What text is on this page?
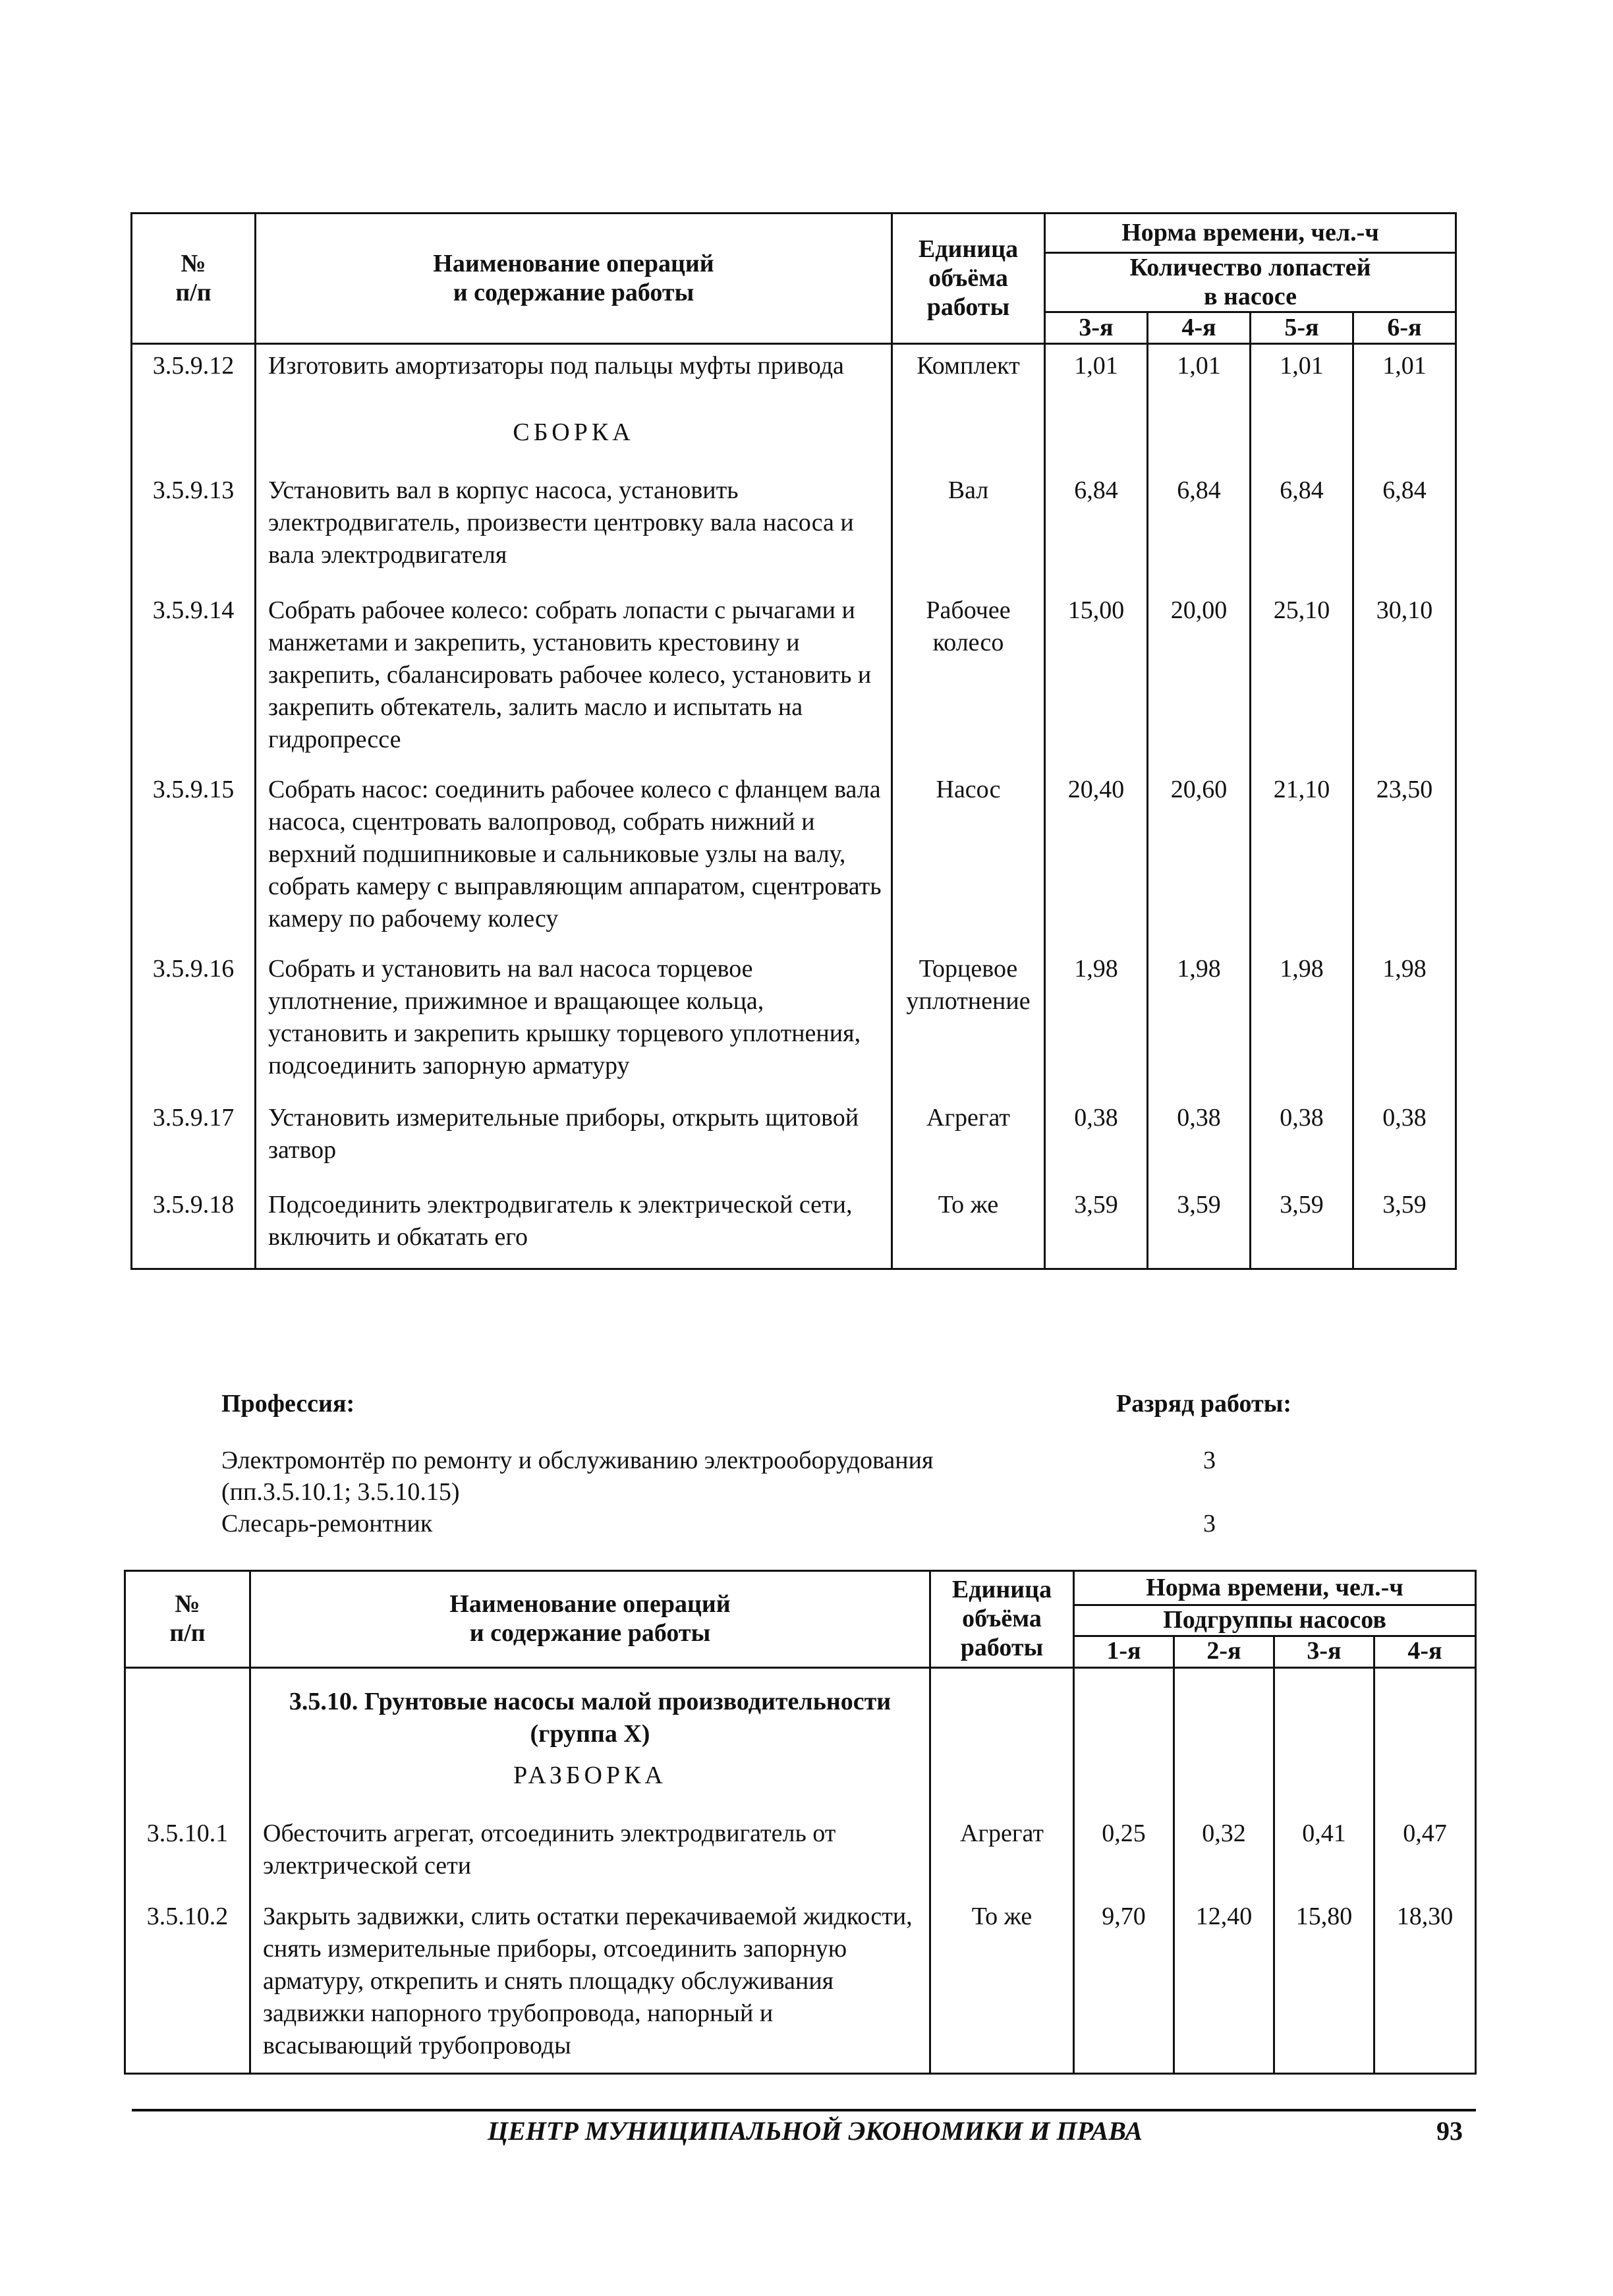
№
п/п	Наименование операций
и содержание работы	Единица
объёма
работы	Норма времени, чел.-ч			
			Количество лопастей
в насосе			
			3-я	4-я	5-я	6-я
3.5.9.12	Изготовить амортизаторы под пальцы муфты привода	Комплект	1,01	1,01	1,01	1,01
	СБОРКА					
3.5.9.13	Установить вал в корпус насоса, установить электродвигатель, произвести центровку вала насоса и вала электродвигателя	Вал	6,84	6,84	6,84	6,84
3.5.9.14	Собрать рабочее колесо: собрать лопасти с рычагами и манжетами и закрепить, установить крестовину и закрепить, сбалансировать рабочее колесо, установить и закрепить обтекатель, залить масло и испытать на гидропрессе	Рабочее колесо	15,00	20,00	25,10	30,10
3.5.9.15	Собрать насос: соединить рабочее колесо с фланцем вала насоса, сцентровать валопровод, собрать нижний и верхний подшипниковые и сальниковые узлы на валу, собрать камеру с выправляющим аппаратом, сцентровать камеру по рабочему колесу	Насос	20,40	20,60	21,10	23,50
3.5.9.16	Собрать и установить на вал насоса торцевое уплотнение, прижимное и вращающее кольца, установить и закрепить крышку торцевого уплотнения, подсоединить запорную арматуру	Торцевое уплотнение	1,98	1,98	1,98	1,98
3.5.9.17	Установить измерительные приборы, открыть щитовой затвор	Агрегат	0,38	0,38	0,38	0,38
3.5.9.18	Подсоединить электродвигатель к электрической сети, включить и обкатать его	То же	3,59	3,59	3,59	3,59
Профессия:	Разряд работы:
Электромонтёр по ремонту и обслуживанию электрооборудования
(пп.3.5.10.1; 3.5.10.15)
3
Слесарь-ремонтник	3
№
п/п	Наименование операций
и содержание работы	Единица
объёма
работы	Норма времени, чел.-ч			
			Подгруппы насосов			
			1-я	2-я	3-я	4-я
	3.5.10. Грунтовые насосы малой производительности (группа X)					
	РАЗБОРКА					
3.5.10.1	Обесточить агрегат, отсоединить электродвигатель от электрической сети	Агрегат	0,25	0,32	0,41	0,47
3.5.10.2	Закрыть задвижки, слить остатки перекачиваемой жидкости, снять измерительные приборы, отсоединить запорную арматуру, открепить и снять площадку обслуживания задвижки напорного трубопровода, напорный и всасывающий трубопроводы	То же	9,70	12,40	15,80	18,30
ЦЕНТР МУНИЦИПАЛЬНОЙ ЭКОНОМИКИ И ПРАВА	93
